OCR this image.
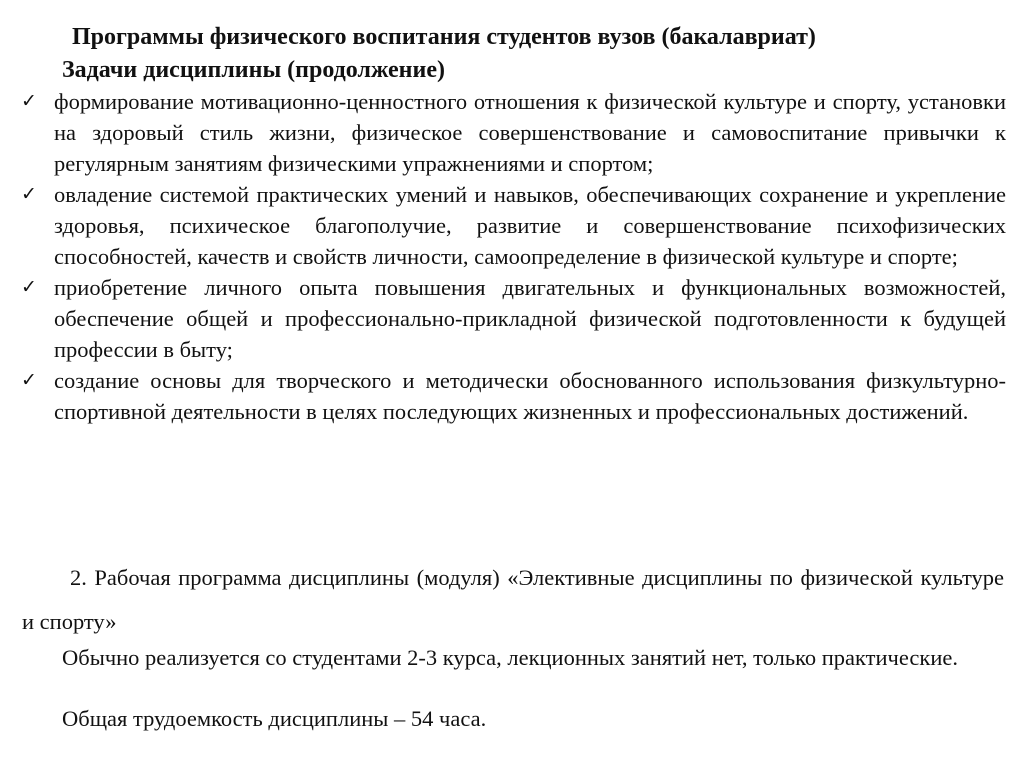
Программы физического воспитания студентов вузов (бакалавриат)
Задачи дисциплины (продолжение)
✓ формирование мотивационно-ценностного отношения к физической культуре и спорту, установки на здоровый стиль жизни, физическое совершенствование и самовоспитание привычки к регулярным занятиям физическими упражнениями и спортом;
✓ овладение системой практических умений и навыков, обеспечивающих сохранение и укрепление здоровья, психическое благополучие, развитие и совершенствование психофизических способностей, качеств и свойств личности, самоопределение в физической культуре и спорте;
✓ приобретение личного опыта повышения двигательных и функциональных возможностей, обеспечение общей и профессионально-прикладной физической подготовленности к будущей профессии в быту;
✓ создание основы для творческого и методически обоснованного использования физкультурно-спортивной деятельности в целях последующих жизненных и профессиональных достижений.
2. Рабочая программа дисциплины (модуля) «Элективные дисциплины по физической культуре и спорту»
Обычно реализуется со студентами 2-3 курса, лекционных занятий нет, только практические.
Общая трудоемкость дисциплины – 54 часа.
